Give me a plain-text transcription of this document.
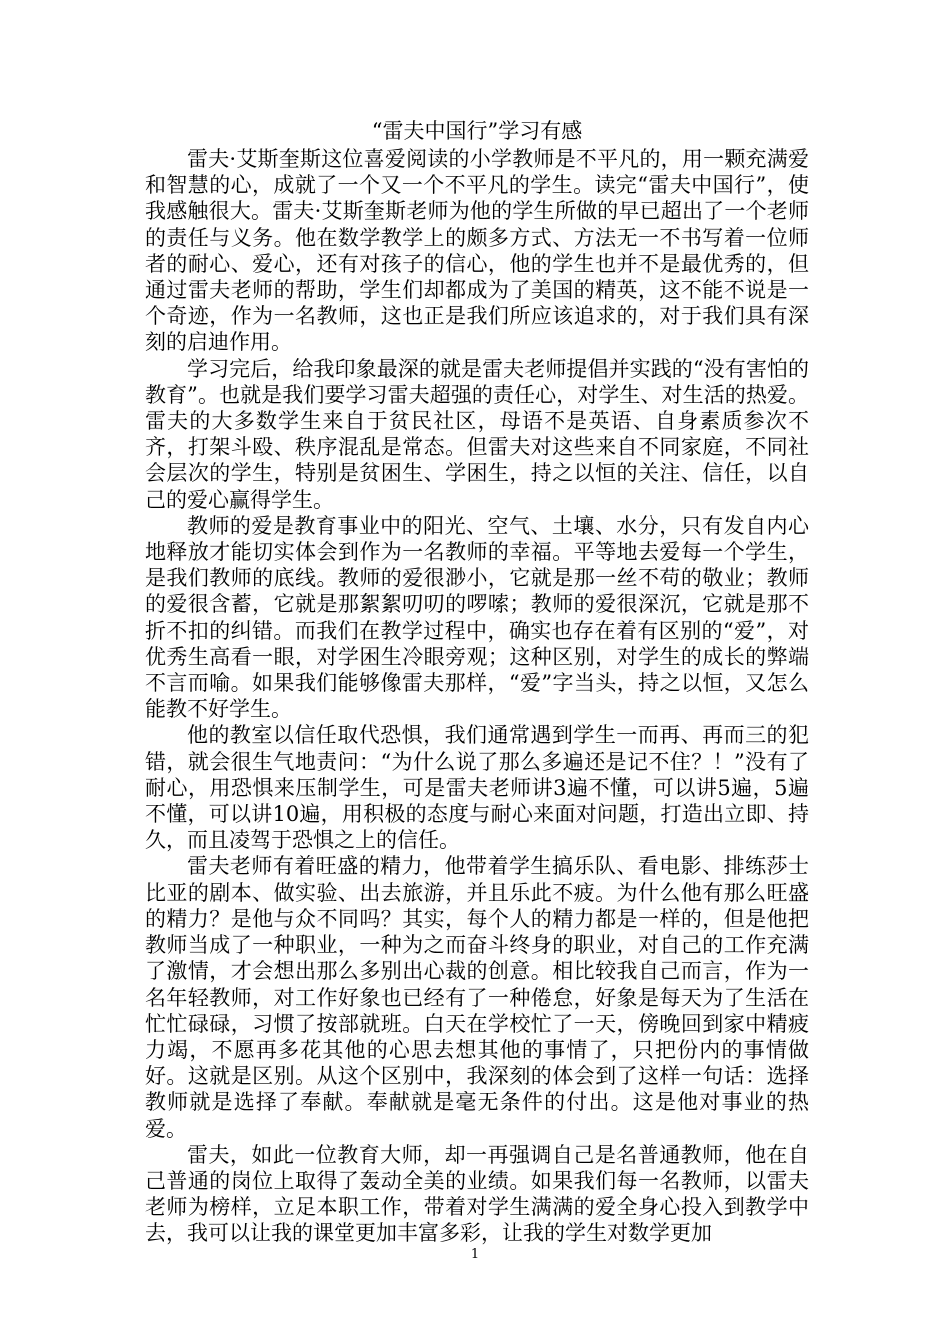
“雷夫中国行”学习有感

雷夫·艾斯奎斯这位喜爱阅读的小学教师是不平凡的，用一颗充满爱和智慧的心，成就了一个又一个不平凡的学生。读完“雷夫中国行”，使我感触很大。雷夫·艾斯奎斯老师为他的学生所做的早已超出了一个老师的责任与义务。他在数学教学上的颇多方式、方法无一不书写着一位师者的耐心、爱心，还有对孩子的信心，他的学生也并不是最优秀的，但通过雷夫老师的帮助，学生们却都成为了美国的精英，这不能不说是一个奇迹，作为一名教师，这也正是我们所应该追求的，对于我们具有深刻的启迪作用。

学习完后，给我印象最深的就是雷夫老师提倡并实践的“没有害怕的教育”。也就是我们要学习雷夫超强的责任心，对学生、对生活的热爱。雷夫的大多数学生来自于贫民社区，母语不是英语、自身素质参次不齐，打架斗殴、秩序混乱是常态。但雷夫对这些来自不同家庭，不同社会层次的学生，特别是贫困生、学困生，持之以恒的关注、信任，以自己的爱心赢得学生。

教师的爱是教育事业中的阳光、空气、土壤、水分，只有发自内心地释放才能切实体会到作为一名教师的幸福。平等地去爱每一个学生，是我们教师的底线。教师的爱很渺小，它就是那一丝不苟的敬业；教师的爱很含蓄，它就是那絮絮叨叨的啰嗦；教师的爱很深沉，它就是那不折不扣的纠错。而我们在教学过程中，确实也存在着有区别的“爱”，对优秀生高看一眼，对学困生冷眼旁观；这种区别，对学生的成长的弊端不言而喻。如果我们能够像雷夫那样，“爱”字当头，持之以恒，又怎么能教不好学生。

他的教室以信任取代恐惧，我们通常遇到学生一而再、再而三的犯错，就会很生气地责问：“为什么说了那么多遍还是记不住？！”没有了耐心，用恐惧来压制学生，可是雷夫老师讲3遍不懂，可以讲5遍，5遍不懂，可以讲10遍，用积极的态度与耐心来面对问题，打造出立即、持久，而且凌驾于恐惧之上的信任。

雷夫老师有着旺盛的精力，他带着学生搞乐队、看电影、排练莎士比亚的剧本、做实验、出去旅游，并且乐此不疲。为什么他有那么旺盛的精力？是他与众不同吗？其实，每个人的精力都是一样的，但是他把教师当成了一种职业，一种为之而奋斗终身的职业，对自己的工作充满了激情，才会想出那么多别出心裁的创意。相比较我自己而言，作为一名年轻教师，对工作好象也已经有了一种倦怠，好象是每天为了生活在忙忙碌碌，习惯了按部就班。白天在学校忙了一天，傍晚回到家中精疲力竭，不愿再多花其他的心思去想其他的事情了，只把份内的事情做好。这就是区别。从这个区别中，我深刻的体会到了这样一句话：选择教师就是选择了奉献。奉献就是毫无条件的付出。这是他对事业的热爱。

雷夫，如此一位教育大师，却一再强调自己是名普通教师，他在自己普通的岗位上取得了轰动全美的业绩。如果我们每一名教师，以雷夫老师为榜样，立足本职工作，带着对学生满满的爱全身心投入到教学中去，我可以让我的课堂更加丰富多彩，让我的学生对数学更加

1
